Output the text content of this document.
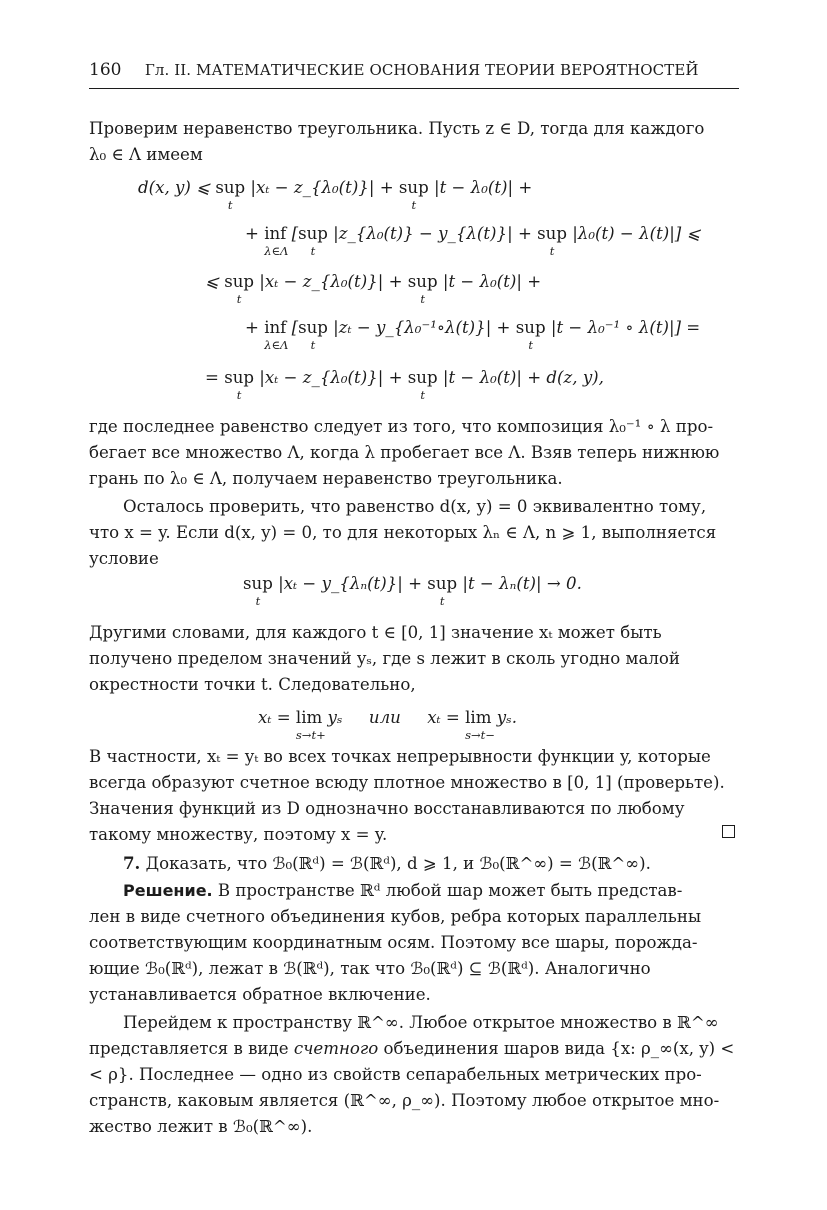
160 Гл. II. МАТЕМАТИЧЕСКИЕ ОСНОВАНИЯ ТЕОРИИ ВЕРОЯТНОСТЕЙ
Проверим неравенство треугольника. Пусть z ∈ D, тогда для каждого
λ₀ ∈ Λ имеем
d(x, y) ⩽ sup
t
|xₜ − z_{λ₀(t)}| + sup
t
|t − λ₀(t)| +
+ inf
λ∈Λ
[sup
t
|z_{λ₀(t)} − y_{λ(t)}| + sup
t
|λ₀(t) − λ(t)|] ⩽
⩽ sup
t
|xₜ − z_{λ₀(t)}| + sup
t
|t − λ₀(t)| +
+ inf
λ∈Λ
[sup
t
|zₜ − y_{λ₀⁻¹∘λ(t)}| + sup
t
|t − λ₀⁻¹ ∘ λ(t)|] =
= sup
t
|xₜ − z_{λ₀(t)}| + sup
t
|t − λ₀(t)| + d(z, y),
где последнее равенство следует из того, что композиция λ₀⁻¹ ∘ λ про-
бегает все множество Λ, когда λ пробегает все Λ. Взяв теперь нижнюю
грань по λ₀ ∈ Λ, получаем неравенство треугольника.
Осталось проверить, что равенство d(x, y) = 0 эквивалентно тому,
что x = y. Если d(x, y) = 0, то для некоторых λₙ ∈ Λ, n ⩾ 1, выполняется
условие
sup
t
|xₜ − y_{λₙ(t)}| + sup
t
|t − λₙ(t)| → 0.
Другими словами, для каждого t ∈ [0, 1] значение xₜ может быть
получено пределом значений yₛ, где s лежит в сколь угодно малой
окрестности точки t. Следовательно,
xₜ = lim
s→t+
yₛ     или     xₜ = lim
s→t−
yₛ.
В частности, xₜ = yₜ во всех точках непрерывности функции y, которые
всегда образуют счетное всюду плотное множество в [0, 1] (проверьте).
Значения функций из D однозначно восстанавливаются по любому
такому множеству, поэтому x = y.
7. Доказать, что ℬ₀(ℝᵈ) = ℬ(ℝᵈ), d ⩾ 1, и ℬ₀(ℝ^∞) = ℬ(ℝ^∞).
Решение. В пространстве ℝᵈ любой шар может быть представ-
лен в виде счетного объединения кубов, ребра которых параллельны
соответствующим координатным осям. Поэтому все шары, порожда-
ющие ℬ₀(ℝᵈ), лежат в ℬ(ℝᵈ), так что ℬ₀(ℝᵈ) ⊆ ℬ(ℝᵈ). Аналогично
устанавливается обратное включение.
Перейдем к пространству ℝ^∞. Любое открытое множество в ℝ^∞
представляется в виде счетного объединения шаров вида {x: ρ_∞(x, y) <
< ρ}. Последнее — одно из свойств сепарабельных метрических про-
странств, каковым является (ℝ^∞, ρ_∞). Поэтому любое открытое мно-
жество лежит в ℬ₀(ℝ^∞).
